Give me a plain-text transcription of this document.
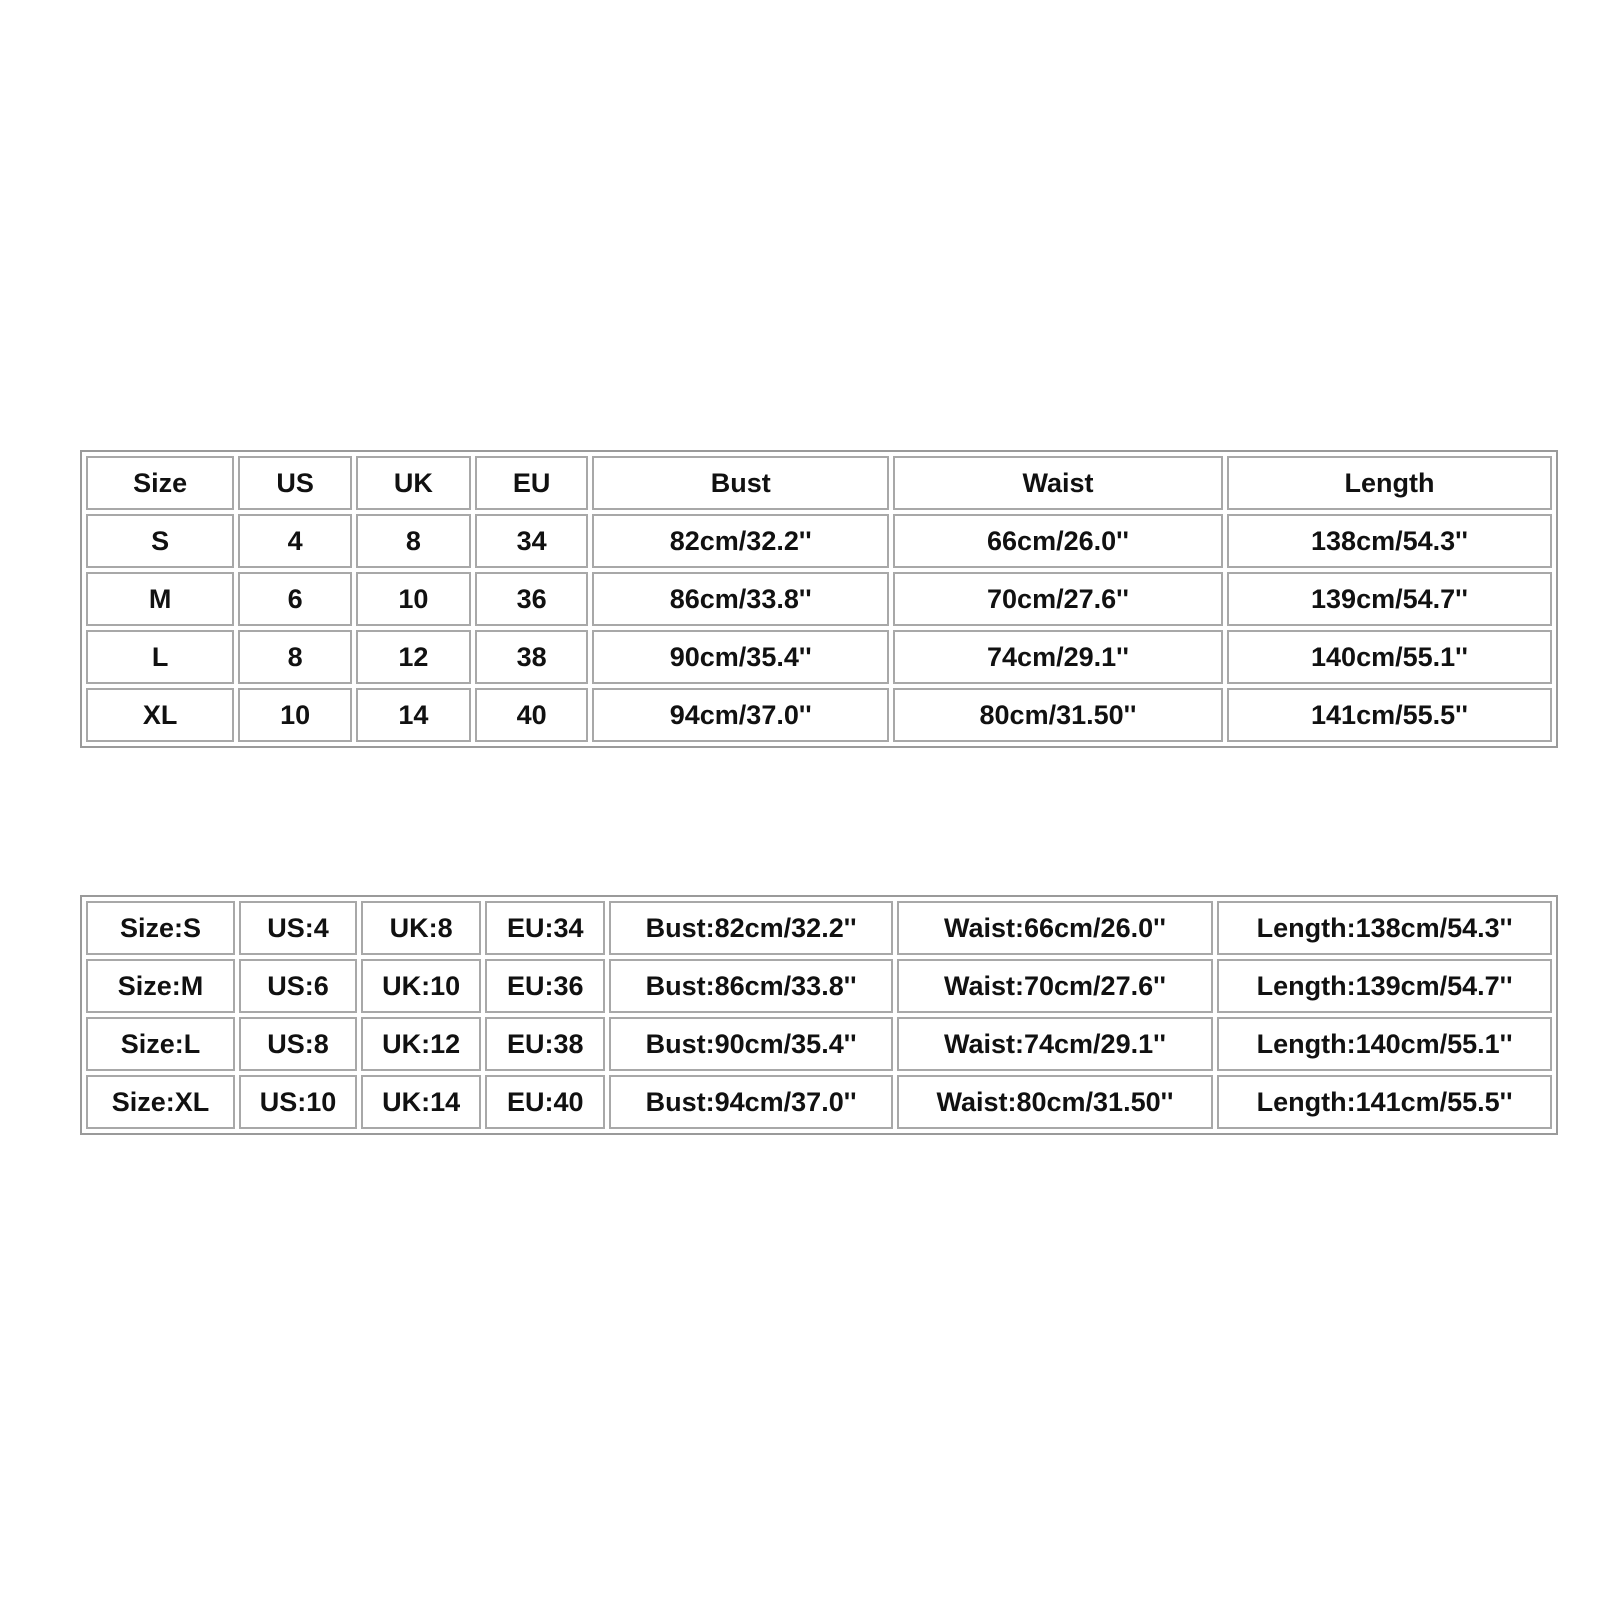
Size	US	UK	EU	Bust	Waist	Length
S	4	8	34	82cm/32.2''	66cm/26.0''	138cm/54.3''
M	6	10	36	86cm/33.8''	70cm/27.6''	139cm/54.7''
L	8	12	38	90cm/35.4''	74cm/29.1''	140cm/55.1''
XL	10	14	40	94cm/37.0''	80cm/31.50''	141cm/55.5''
Size:S	US:4	UK:8	EU:34	Bust:82cm/32.2''	Waist:66cm/26.0''	Length:138cm/54.3''
Size:M	US:6	UK:10	EU:36	Bust:86cm/33.8''	Waist:70cm/27.6''	Length:139cm/54.7''
Size:L	US:8	UK:12	EU:38	Bust:90cm/35.4''	Waist:74cm/29.1''	Length:140cm/55.1''
Size:XL	US:10	UK:14	EU:40	Bust:94cm/37.0''	Waist:80cm/31.50''	Length:141cm/55.5''
